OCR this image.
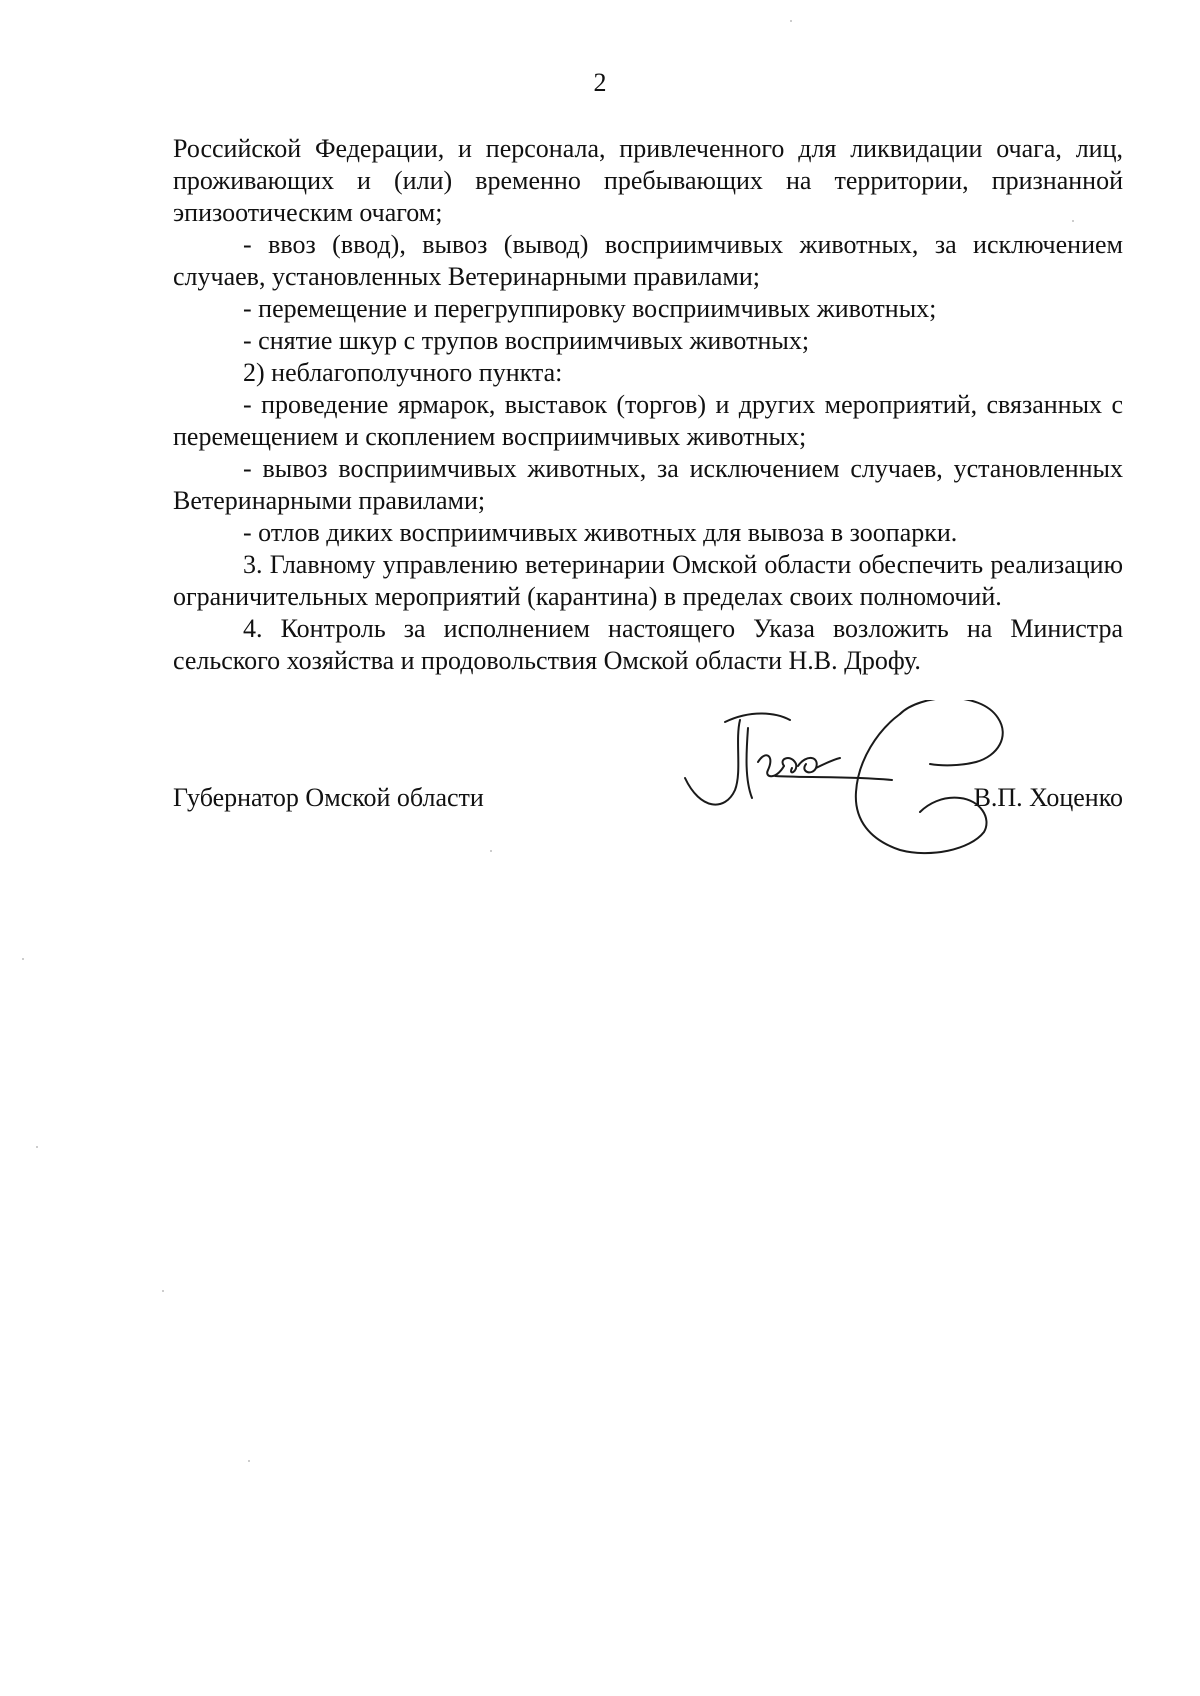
2

Российской Федерации, и персонала, привлеченного для ликвидации очага, лиц, проживающих и (или) временно пребывающих на территории, признанной эпизоотическим очагом;

- ввоз (ввод), вывоз (вывод) восприимчивых животных, за исключением случаев, установленных Ветеринарными правилами;

- перемещение и перегруппировку восприимчивых животных;

- снятие шкур с трупов восприимчивых животных;

2) неблагополучного пункта:

- проведение ярмарок, выставок (торгов) и других мероприятий, связанных с перемещением и скоплением восприимчивых животных;

- вывоз восприимчивых животных, за исключением случаев, установленных Ветеринарными правилами;

- отлов диких восприимчивых животных для вывоза в зоопарки.

3. Главному управлению ветеринарии Омской области обеспечить реализацию ограничительных мероприятий (карантина) в пределах своих полномочий.

4. Контроль за исполнением настоящего Указа возложить на Министра сельского хозяйства и продовольствия Омской области Н.В. Дрофу.

Губернатор Омской области	В.П. Хоценко
